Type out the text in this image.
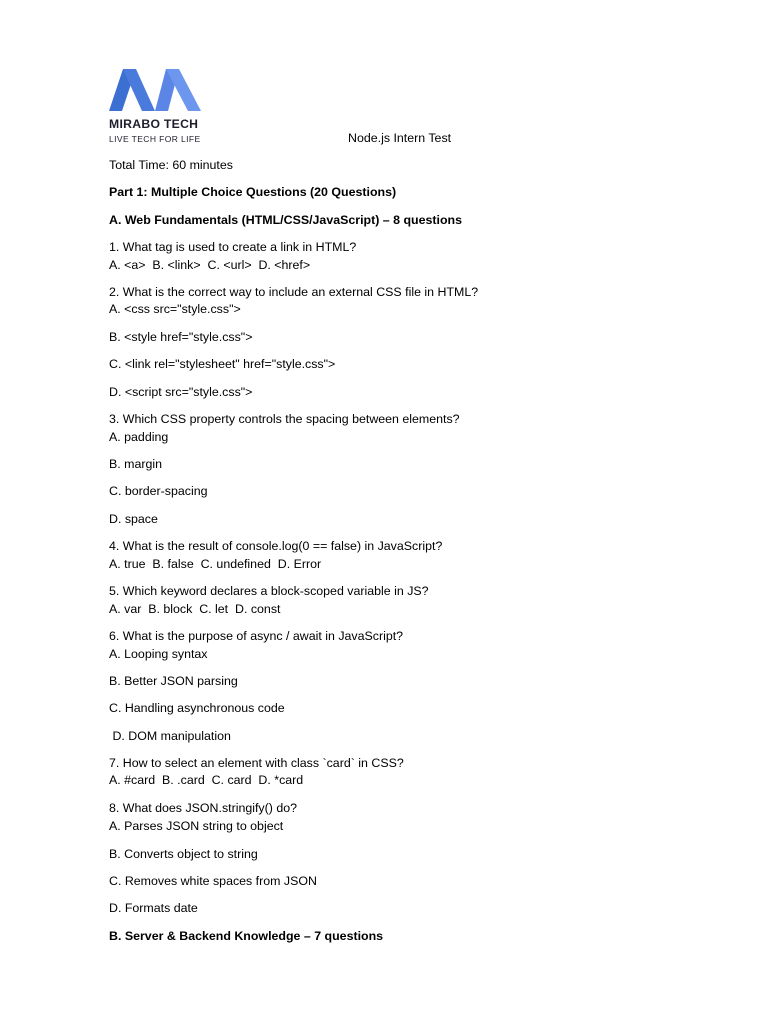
MIRABO TECH
LIVE TECH FOR LIFE	Node.js Intern Test
Total Time: 60 minutes
Part 1: Multiple Choice Questions (20 Questions)
A. Web Fundamentals (HTML/CSS/JavaScript) – 8 questions
1. What tag is used to create a link in HTML?
A. <a>  B. <link>  C. <url>  D. <href>
2. What is the correct way to include an external CSS file in HTML?
A. <css src="style.css">
B. <style href="style.css">
C. <link rel="stylesheet" href="style.css">
D. <script src="style.css">
3. Which CSS property controls the spacing between elements?
A. padding
B. margin
C. border-spacing
D. space
4. What is the result of console.log(0 == false) in JavaScript?
A. true  B. false  C. undefined  D. Error
5. Which keyword declares a block-scoped variable in JS?
A. var  B. block  C. let  D. const
6. What is the purpose of async / await in JavaScript?
A. Looping syntax
B. Better JSON parsing
C. Handling asynchronous code
D. DOM manipulation
7. How to select an element with class `card` in CSS?
A. #card  B. .card  C. card  D. *card
8. What does JSON.stringify() do?
A. Parses JSON string to object
B. Converts object to string
C. Removes white spaces from JSON
D. Formats date
B. Server & Backend Knowledge – 7 questions
